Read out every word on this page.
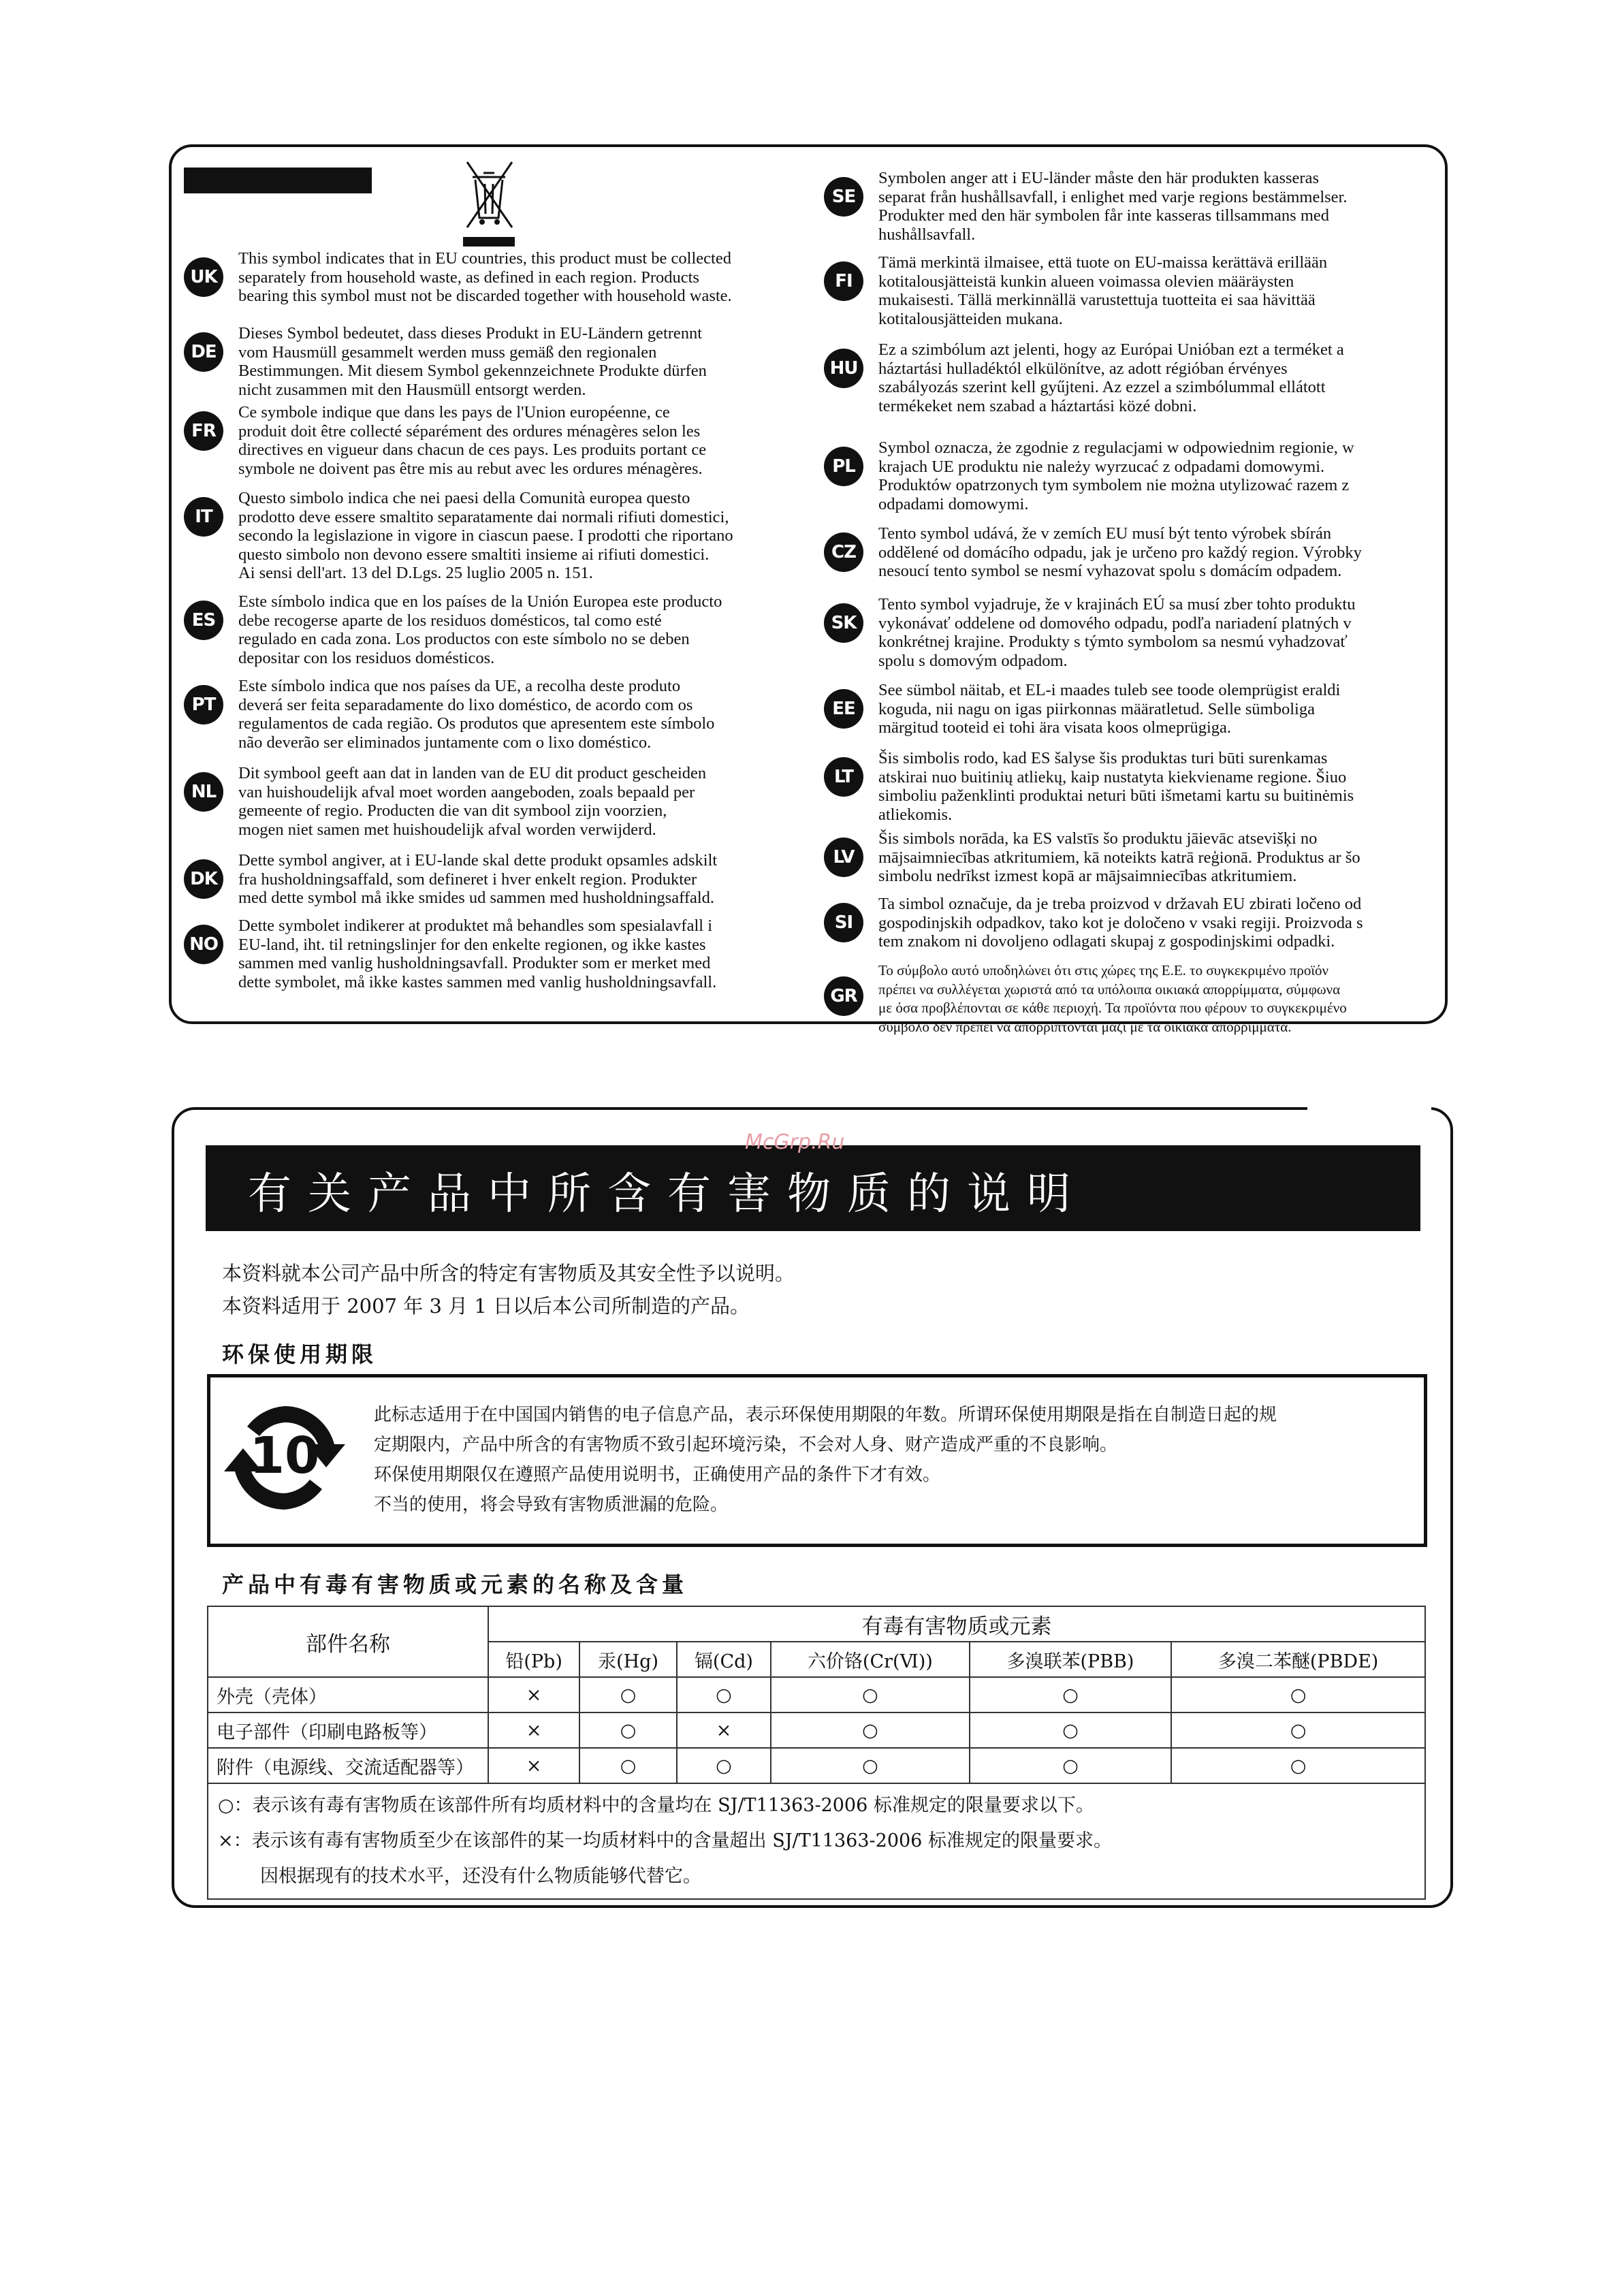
UK

This symbol indicates that in EU countries, this product must be collected
separately from household waste, as defined in each region. Products
bearing this symbol must not be discarded together with household waste.

DE

Dieses Symbol bedeutet, dass dieses Produkt in EU-Ländern getrennt
vom Hausmüll gesammelt werden muss gemäß den regionalen
Bestimmungen. Mit diesem Symbol gekennzeichnete Produkte dürfen
nicht zusammen mit den Hausmüll entsorgt werden.

FR

Ce symbole indique que dans les pays de l'Union européenne, ce
produit doit être collecté séparément des ordures ménagères selon les
directives en vigueur dans chacun de ces pays. Les produits portant ce
symbole ne doivent pas être mis au rebut avec les ordures ménagères.

IT

Questo simbolo indica che nei paesi della Comunità europea questo
prodotto deve essere smaltito separatamente dai normali rifiuti domestici,
secondo la legislazione in vigore in ciascun paese. I prodotti che riportano
questo simbolo non devono essere smaltiti insieme ai rifiuti domestici.
Ai sensi dell'art. 13 del D.Lgs. 25 luglio 2005 n. 151.

ES

Este símbolo indica que en los países de la Unión Europea este producto
debe recogerse aparte de los residuos domésticos, tal como esté
regulado en cada zona. Los productos con este símbolo no se deben
depositar con los residuos domésticos.

PT

Este símbolo indica que nos países da UE, a recolha deste produto
deverá ser feita separadamente do lixo doméstico, de acordo com os
regulamentos de cada região. Os produtos que apresentem este símbolo
não deverão ser eliminados juntamente com o lixo doméstico.

NL

Dit symbool geeft aan dat in landen van de EU dit product gescheiden
van huishoudelijk afval moet worden aangeboden, zoals bepaald per
gemeente of regio. Producten die van dit symbool zijn voorzien,
mogen niet samen met huishoudelijk afval worden verwijderd.

DK

Dette symbol angiver, at i EU-lande skal dette produkt opsamles adskilt
fra husholdningsaffald, som defineret i hver enkelt region. Produkter
med dette symbol må ikke smides ud sammen med husholdningsaffald.

NO

Dette symbolet indikerer at produktet må behandles som spesialavfall i
EU-land, iht. til retningslinjer for den enkelte regionen, og ikke kastes
sammen med vanlig husholdningsavfall. Produkter som er merket med
dette symbolet, må ikke kastes sammen med vanlig husholdningsavfall.

SE

Symbolen anger att i EU-länder måste den här produkten kasseras
separat från hushållsavfall, i enlighet med varje regions bestämmelser.
Produkter med den här symbolen får inte kasseras tillsammans med
hushållsavfall.

FI

Tämä merkintä ilmaisee, että tuote on EU-maissa kerättävä erillään
kotitalousjätteistä kunkin alueen voimassa olevien määräysten
mukaisesti. Tällä merkinnällä varustettuja tuotteita ei saa hävittää
kotitalousjätteiden mukana.

HU

Ez a szimbólum azt jelenti, hogy az Európai Unióban ezt a terméket a
háztartási hulladéktól elkülönítve, az adott régióban érvényes
szabályozás szerint kell gyűjteni. Az ezzel a szimbólummal ellátott
termékeket nem szabad a háztartási közé dobni.

PL

Symbol oznacza, że zgodnie z regulacjami w odpowiednim regionie, w
krajach UE produktu nie należy wyrzucać z odpadami domowymi.
Produktów opatrzonych tym symbolem nie można utylizować razem z
odpadami domowymi.

CZ

Tento symbol udává, že v zemích EU musí být tento výrobek sbírán
oddělené od domácího odpadu, jak je určeno pro každý region. Výrobky
nesoucí tento symbol se nesmí vyhazovat spolu s domácím odpadem.

SK

Tento symbol vyjadruje, že v krajinách EÚ sa musí zber tohto produktu
vykonávať oddelene od domového odpadu, podľa nariadení platných v
konkrétnej krajine. Produkty s týmto symbolom sa nesmú vyhadzovať
spolu s domovým odpadom.

EE

See sümbol näitab, et EL-i maades tuleb see toode olemprügist eraldi
koguda, nii nagu on igas piirkonnas määratletud. Selle sümboliga
märgitud tooteid ei tohi ära visata koos olmeprügiga.

LT

Šis simbolis rodo, kad ES šalyse šis produktas turi būti surenkamas
atskirai nuo buitinių atliekų, kaip nustatyta kiekviename regione. Šiuo
simboliu paženklinti produktai neturi būti išmetami kartu su buitinėmis
atliekomis.

LV

Šis simbols norāda, ka ES valstīs šo produktu jāievāc atsevišķi no
mājsaimniecības atkritumiem, kā noteikts katrā reģionā. Produktus ar šo
simbolu nedrīkst izmest kopā ar mājsaimniecības atkritumiem.

SI

Ta simbol označuje, da je treba proizvod v državah EU zbirati ločeno od
gospodinjskih odpadkov, tako kot je določeno v vsaki regiji. Proizvoda s
tem znakom ni dovoljeno odlagati skupaj z gospodinjskimi odpadki.

GR

Το σύμβολο αυτό υποδηλώνει ότι στις χώρες της Ε.Ε. το συγκεκριμένο προϊόν
πρέπει να συλλέγεται χωριστά από τα υπόλοιπα οικιακά απορρίμματα, σύμφωνα
με όσα προβλέπονται σε κάθε περιοχή. Τα προϊόντα που φέρουν το συγκεκριμένο
σύμβολο δεν πρέπει να απορρίπτονται μαζί με τα οικιακά απορρίμματα.

有关产品中所含有害物质的说明
McGrp.Ru
本资料就本公司产品中所含的特定有害物质及其安全性予以说明。
本资料适用于 2007 年 3 月 1 日以后本公司所制造的产品。
环保使用期限
10
此标志适用于在中国国内销售的电子信息产品，表示环保使用期限的年数。所谓环保使用期限是指在自制造日起的规
定期限内，产品中所含的有害物质不致引起环境污染，不会对人身、财产造成严重的不良影响。
环保使用期限仅在遵照产品使用说明书，正确使用产品的条件下才有效。
不当的使用，将会导致有害物质泄漏的危险。
产品中有毒有害物质或元素的名称及含量
部件名称	有毒有害物质或元素					
	铅(Pb)	汞(Hg)	镉(Cd)	六价铬(Cr(Ⅵ))	多溴联苯(PBB)	多溴二苯醚(PBDE)
外壳（壳体）	×	○	○	○	○	○
电子部件（印刷电路板等）	×	○	×	○	○	○
附件（电源线、交流适配器等）	×	○	○	○	○	○

○：表示该有毒有害物质在该部件所有均质材料中的含量均在 SJ/T11363-2006 标准规定的限量要求以下。
×：表示该有毒有害物质至少在该部件的某一均质材料中的含量超出 SJ/T11363-2006 标准规定的限量要求。
因根据现有的技术水平，还没有什么物质能够代替它。						
